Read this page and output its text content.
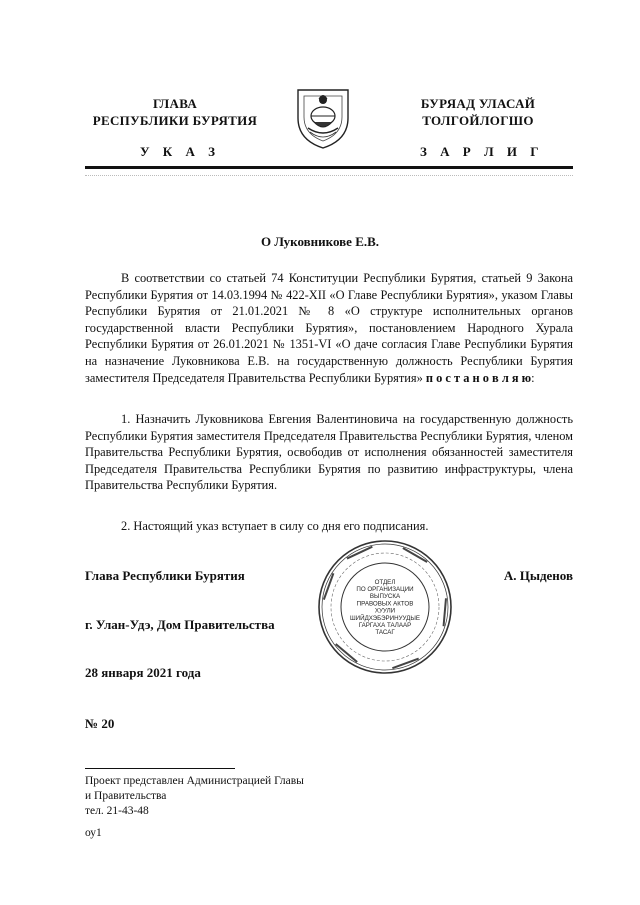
ГЛАВА
РЕСПУБЛИКИ БУРЯТИЯ
БУРЯАД УЛАСАЙ
ТОЛГОЙЛОГШО
У К А З	З А Р Л И Г
О Луковникове Е.В.
В соответствии со статьей 74 Конституции Республики Бурятия, статьей 9 Закона Республики Бурятия от 14.03.1994 № 422-XII «О Главе Республики Бурятия», указом Главы Республики Бурятия от 21.01.2021 № 8 «О структуре исполнительных органов государственной власти Республики Бурятия», постановлением Народного Хурала Республики Бурятия от 26.01.2021 № 1351-VI «О даче согласия Главе Республики Бурятия на назначение Луковникова Е.В. на государственную должность Республики Бурятия заместителя Председателя Правительства Республики Бурятия» п о с т а н о в л я ю:
1. Назначить Луковникова Евгения Валентиновича на государственную должность Республики Бурятия заместителя Председателя Правительства Республики Бурятия, членом Правительства Республики Бурятия, освободив от исполнения обязанностей заместителя Председателя Правительства Республики Бурятия по развитию инфраструктуры, члена Правительства Республики Бурятия.
2. Настоящий указ вступает в силу со дня его подписания.
Глава Республики Бурятия	А. Цыденов
г. Улан-Удэ, Дом Правительства
28 января 2021 года
№ 20
ОТДЕЛ
ПО ОРГАНИЗАЦИИ
ВЫПУСКА
ПРАВОВЫХ АКТОВ
ХУУЛИ
ШИЙДХЭБЭРИНУУДЫЕ
ГАРГАХА ТАЛААР
ТАСАГ
Проект представлен Администрацией Главы
и Правительства
тел. 21-43-48
оу1
